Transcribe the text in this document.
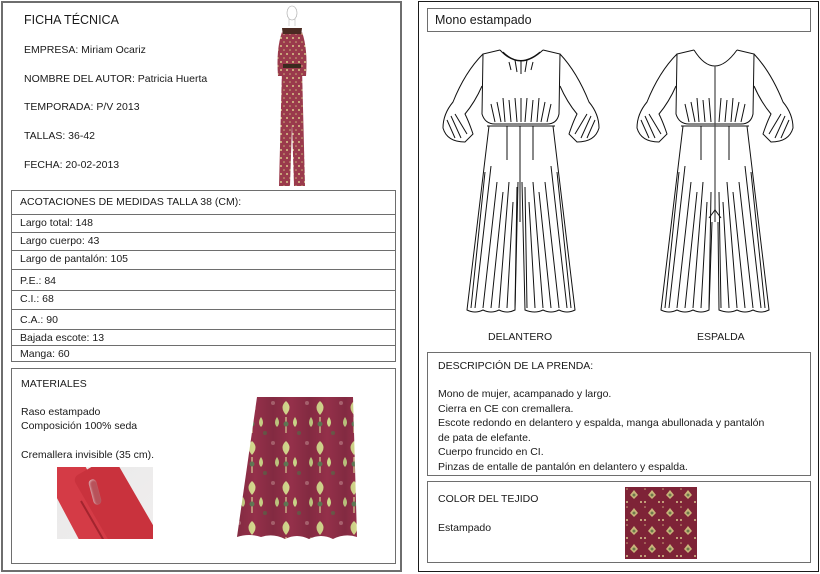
FICHA TÉCNICA
EMPRESA: Miriam Ocariz
NOMBRE DEL AUTOR: Patricia Huerta
TEMPORADA: P/V 2013
TALLAS: 36-42
FECHA: 20-02-2013
ACOTACIONES DE MEDIDAS TALLA 38 (CM):
Largo total: 148
Largo cuerpo: 43
Largo de pantalón: 105
P.E.: 84
C.I.: 68
C.A.: 90
Bajada escote: 13
Manga: 60
MATERIALES
Raso estampado
Composición 100% seda
Cremallera invisible (35 cm).
Mono estampado
DELANTERO	ESPALDA
DESCRIPCIÓN DE LA PRENDA:
Mono de mujer, acampanado y largo.
Cierra en CE con cremallera.
Escote redondo en delantero y espalda, manga abullonada y pantalón
de pata de elefante.
Cuerpo fruncido en CI.
Pinzas de entalle de pantalón en delantero y espalda.
COLOR DEL TEJIDO
Estampado
